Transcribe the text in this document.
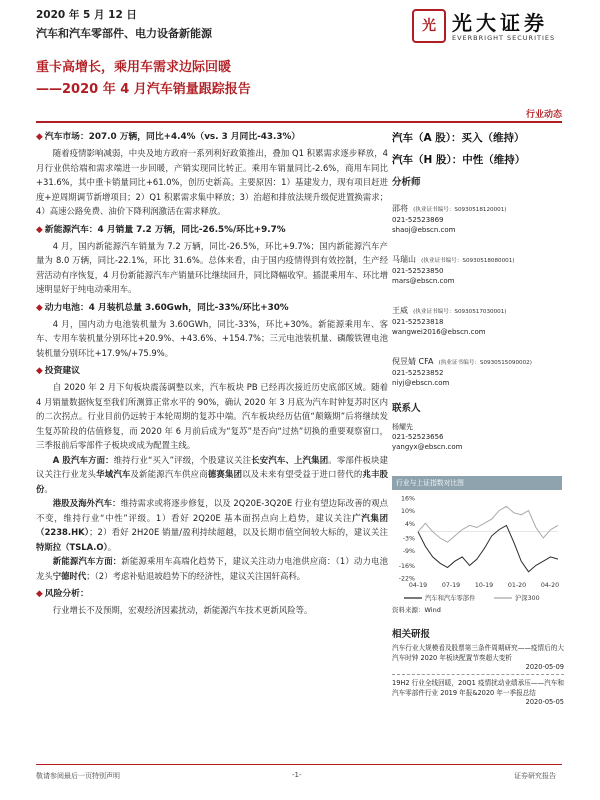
2020 年 5 月 12 日
汽车和汽车零部件、电力设备新能源
重卡高增长，乘用车需求边际回暖
——2020 年 4 月汽车销量跟踪报告
光 光大证券
EVERBRIGHT SECURITIES
行业动态

◆ 汽车市场：207.0 万辆，同比+4.4%（vs. 3 月同比-43.3%）

随着疫情影响减弱，中央及地方政府一系列利好政策推出，叠加 Q1 积累需求逐步释放，4 月行业供给端和需求端进一步回暖，产销实现同比转正。乘用车销量同比-2.6%，商用车同比+31.6%，其中重卡销量同比+61.0%，创历史新高。主要原因：1）基建发力，现有项目赶进度+逆周期调节新增项目；2）Q1 积累需求集中释放；3）治超和排放法规升级促进置换需求；4）高速公路免费、油价下降利润激活在需求释放。

◆ 新能源汽车：4 月销量 7.2 万辆，同比-26.5%/环比+9.7%

4 月，国内新能源汽车销量为 7.2 万辆，同比-26.5%，环比+9.7%；国内新能源汽车产量为 8.0 万辆，同比-22.1%，环比 31.6%。总体来看，由于国内疫情得到有效控制，生产经营活动有序恢复，4 月份新能源汽车产销量环比继续回升，同比降幅收窄。插混乘用车、环比增速明显好于纯电动乘用车。

◆ 动力电池：4 月装机总量 3.60Gwh，同比-33%/环比+30%

4 月，国内动力电池装机量为 3.60GWh，同比-33%，环比+30%。新能源乘用车、客车、专用车装机量分别环比+20.9%、+43.6%、+154.7%；三元电池装机量、磷酸铁锂电池装机量分别环比+17.9%/+75.9%。

◆ 投资建议

自 2020 年 2 月下旬板块震荡调整以来，汽车板块 PB 已经再次接近历史底部区域。随着 4 月销量数据恢复至我们所测算正常水平的 90%，确认 2020 年 3 月底为汽车时钟复苏时区内的二次拐点。行业目前仍远转于本轮周期的复苏中端。汽车板块经历估值“颠簸期”后将继续发生复苏阶段的估值修复，而 2020 年 6 月前后成为“复苏”是否向“过热”切换的重要观察窗口，三季报前后零部件子板块或成为配置主线。

A 股汽车方面：维持行业“买入”评级，个股建议关注长安汽车、上汽集团。零部件板块建议关注行业龙头华域汽车及新能源汽车供应商德赛集团以及未来有望受益于进口替代的兆丰股份。

港股及海外汽车：维持需求或将逐步修复，以及 2Q20E-3Q20E 行业有望边际改善的观点不变，维持行业“中性”评级。1）看好 2Q20E 基本面拐点向上趋势，建议关注广汽集团（2238.HK）；2）看好 2H20E 销量/盈利持续超越，以及长期市值空间较大标的，建议关注特斯拉（TSLA.O）。

新能源汽车方面：新能源乘用车高端化趋势下，建议关注动力电池供应商：（1）动力电池龙头宁德时代；（2）考虑补贴退坡趋势下的经济性，建议关注国轩高科。

◆ 风险分析：

行业增长不及预期，宏观经济因素扰动，新能源汽车技术更新风险等。

汽车（A 股）：买入（维持）
汽车（H 股）：中性（维持）
分析师
邵将 (执业证书编号：S0930518120001)
021-52523869
shaoj@ebscn.com
马瑞山 (执业证书编号：S0930518080001)
021-52523850
mars@ebscn.com
王威 (执业证书编号：S0930517030001)
021-52523818
wangwei2016@ebscn.com
倪昱婧 CFA (执业证书编号：S0930515090002)
021-52523852
niyj@ebscn.com
联系人
杨耀先
021-52523656
yangyx@ebscn.com
行业与上证指数对比图
16%
10%
4%
-3%
-9%
-16%
-22%
04-19 07-19 10-19 01-20 04-20
汽车和汽车零部件	沪深300
资料来源：Wind
相关研报
汽车行业大规模看及股票第三条件周期研究——疫情后的大汽车时钟 2020 年板块配置节奏超大变析
2020-05-09
19H2 行业全线回暖，20Q1 疫情扰动业绩承压——汽车和汽车零部件行业 2019 年报&2020 年一季报总结
2020-05-05
敬请参阅最后一页特别声明	-1-	证券研究报告
